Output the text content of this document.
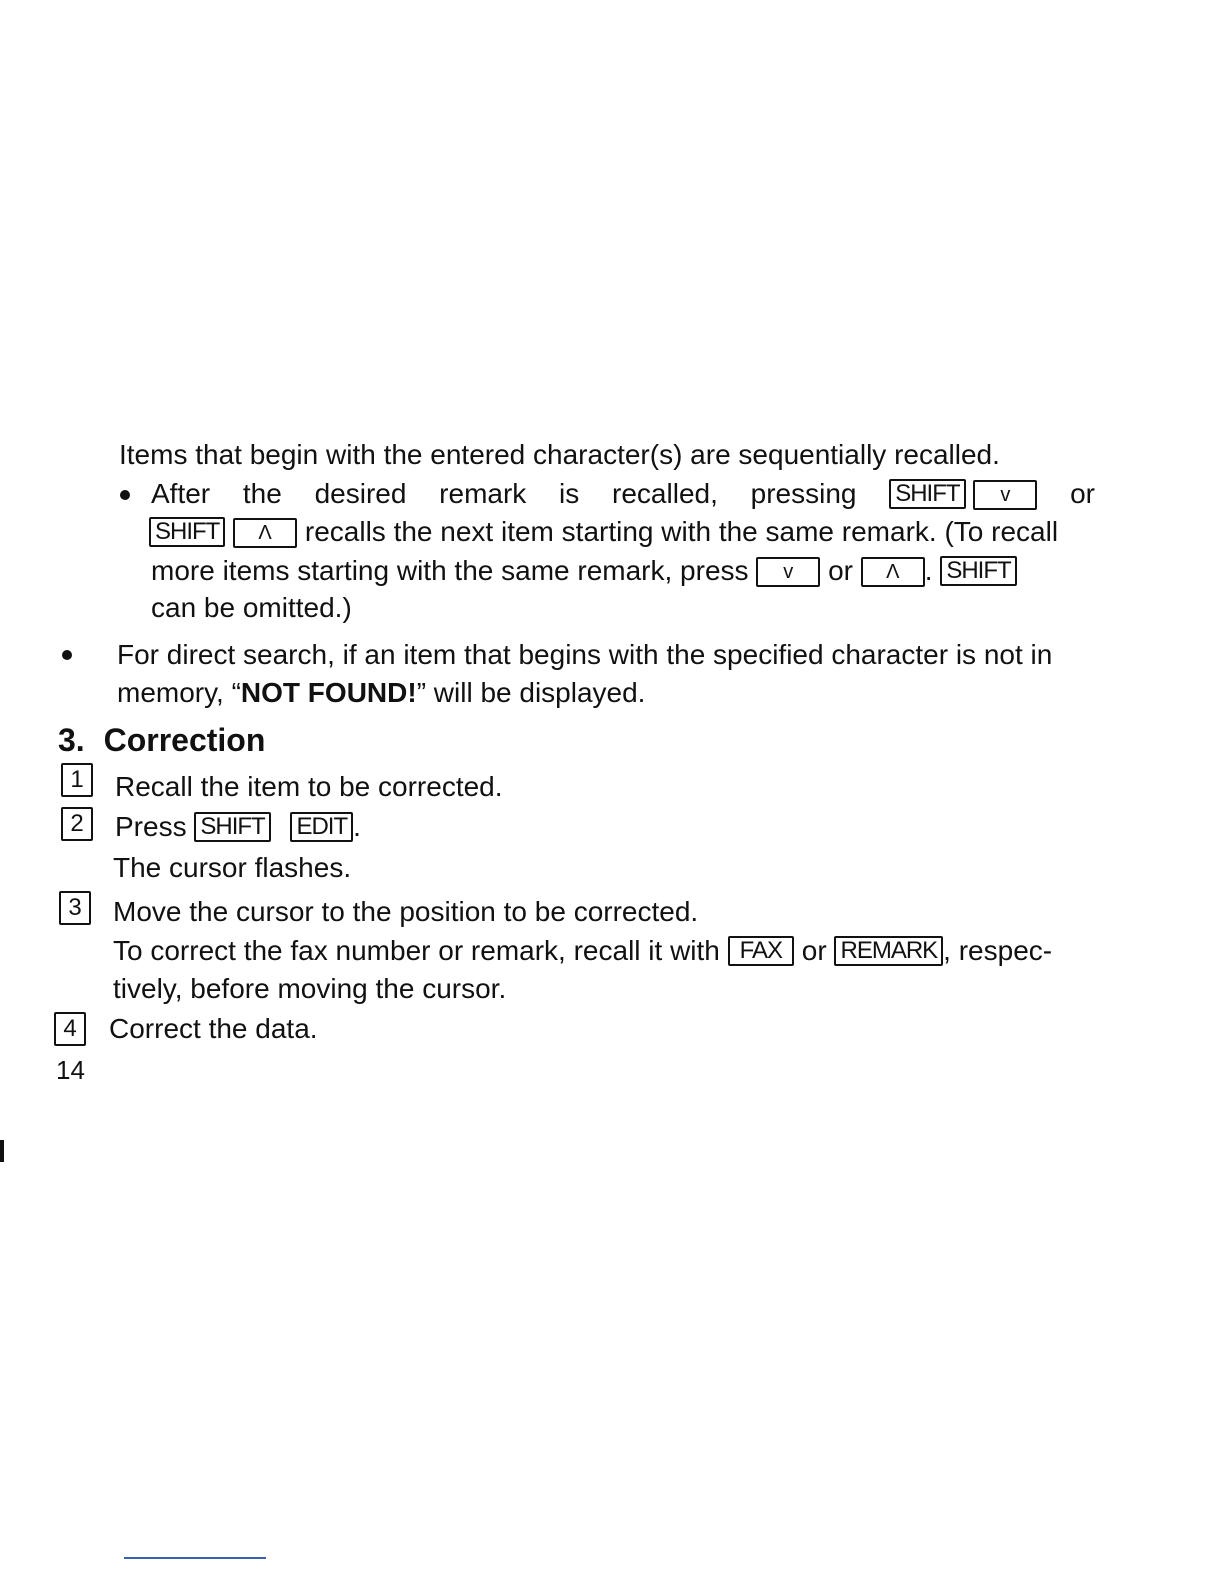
Items that begin with the entered character(s) are sequentially recalled.
After the desired remark is recalled, pressing SHIFT v	or
SHIFT Λ recalls the next item starting with the same remark. (To recall
more items starting with the same remark, press v or Λ . SHIFT
can be omitted.)
For direct search, if an item that begins with the specified character is not in
memory, “NOT FOUND!” will be displayed.
3. Correction
1	Recall the item to be corrected.
2	Press SHIFT EDIT .
The cursor flashes.
3	Move the cursor to the position to be corrected.
To correct the fax number or remark, recall it with FAX or REMARK , respec-
tively, before moving the cursor.
4	Correct the data.
14
